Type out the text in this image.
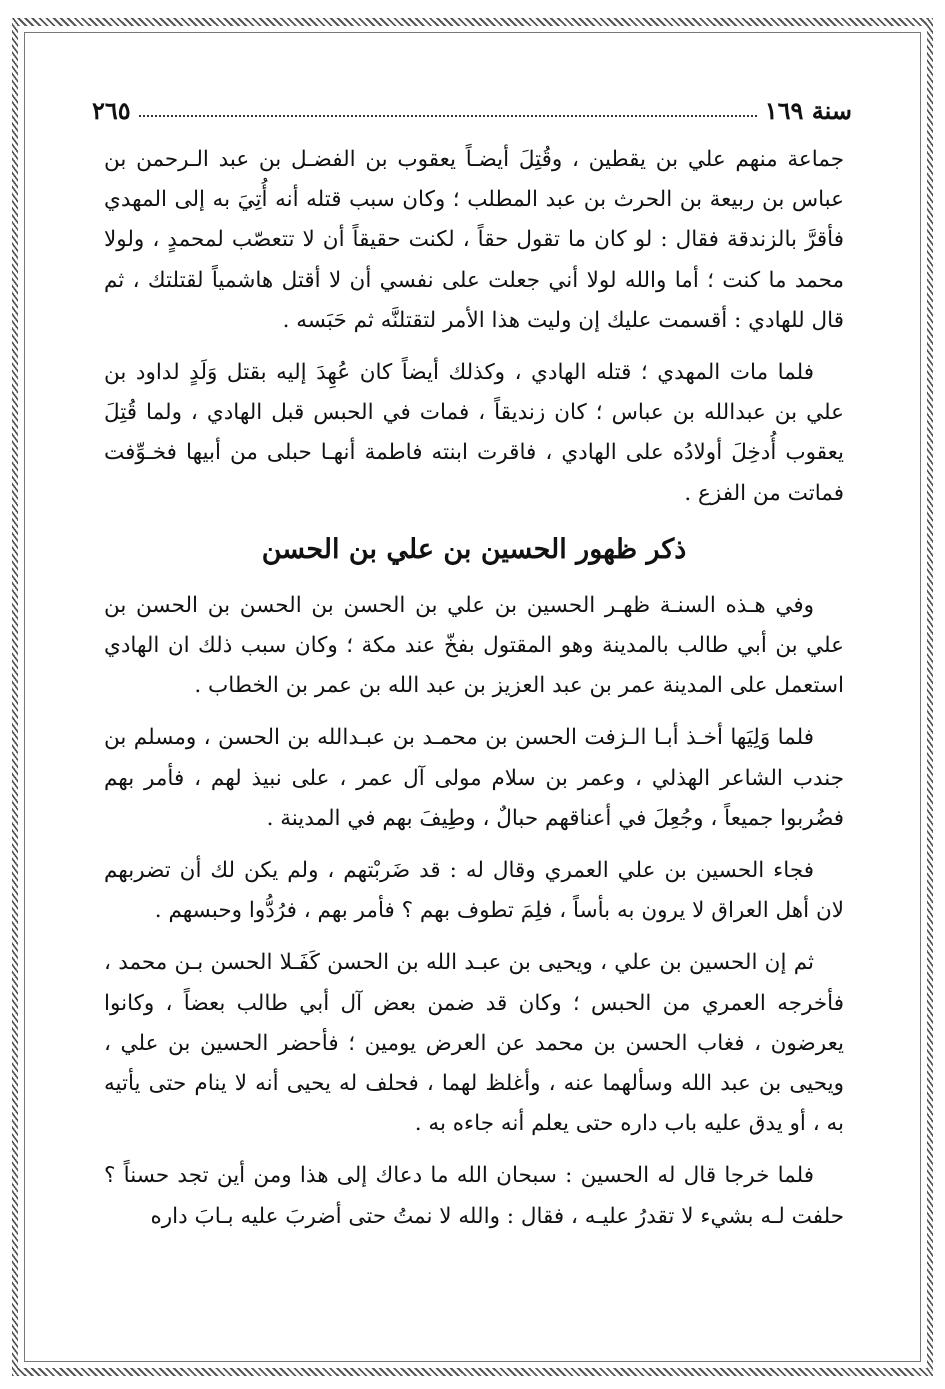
سنة ١٦٩
٢٦٥

جماعة منهم علي بن يقطين ، وقُتِلَ أيضـاً يعقوب بن الفضـل بن عبد الـرحمن بن عباس بن ربيعة بن الحرث بن عبد المطلب ؛ وكان سبب قتله أنه أُتِيَ به إلى المهدي فأقرَّ بالزندقة فقال : لو كان ما تقول حقاً ، لكنت حقيقاً أن لا تتعصّب لمحمدٍ ، ولولا محمد ما كنت ؛ أما والله لولا أني جعلت على نفسي أن لا أقتل هاشمياً لقتلتك ، ثم قال للهادي : أقسمت عليك إن وليت هذا الأمر لتقتلنَّه ثم حَبَسه .

فلما مات المهدي ؛ قتله الهادي ، وكذلك أيضاً كان عُهِدَ إليه بقتل وَلَدٍ لداود بن علي بن عبدالله بن عباس ؛ كان زنديقاً ، فمات في الحبس قبل الهادي ، ولما قُتِلَ يعقوب أُدخِلَ أولادُه على الهادي ، فاقرت ابنته فاطمة أنهـا حبلى من أبيها فخـوِّفت فماتت من الفزع .

ذكر ظهور الحسين بن علي بن الحسن

وفي هـذه السنـة ظهـر الحسين بن علي بن الحسن بن الحسن بن الحسن بن علي بن أبي طالب بالمدينة وهو المقتول بفخّ عند مكة ؛ وكان سبب ذلك ان الهادي استعمل على المدينة عمر بن عبد العزيز بن عبد الله بن عمر بن الخطاب .

فلما وَلِيَها أخـذ أبـا الـزفت الحسن بن محمـد بن عبـدالله بن الحسن ، ومسلم بن جندب الشاعر الهذلي ، وعمر بن سلام مولى آل عمر ، على نبيذ لهم ، فأمر بهم فضُربوا جميعاً ، وجُعِلَ في أعناقهم حبالٌ ، وطِيفَ بهم في المدينة .

فجاء الحسين بن علي العمري وقال له : قد ضَربْتهم ، ولم يكن لك أن تضربهم لان أهل العراق لا يرون به بأساً ، فلِمَ تطوف بهم ؟ فأمر بهم ، فرُدُّوا وحبسهم .

ثم إن الحسين بن علي ، ويحيى بن عبـد الله بن الحسن كَفَـلا الحسن بـن محمد ، فأخرجه العمري من الحبس ؛ وكان قد ضمن بعض آل أبي طالب بعضاً ، وكانوا يعرضون ، فغاب الحسن بن محمد عن العرض يومين ؛ فأحضر الحسين بن علي ، ويحيى بن عبد الله وسألهما عنه ، وأغلظ لهما ، فحلف له يحيى أنه لا ينام حتى يأتيه به ، أو يدق عليه باب داره حتى يعلم أنه جاءه به .

فلما خرجا قال له الحسين : سبحان الله ما دعاك إلى هذا ومن أين تجد حسناً ؟ حلفت لـه بشيء لا تقدرُ عليـه ، فقال : والله لا نمتُ حتى أضربَ عليه بـابَ داره
